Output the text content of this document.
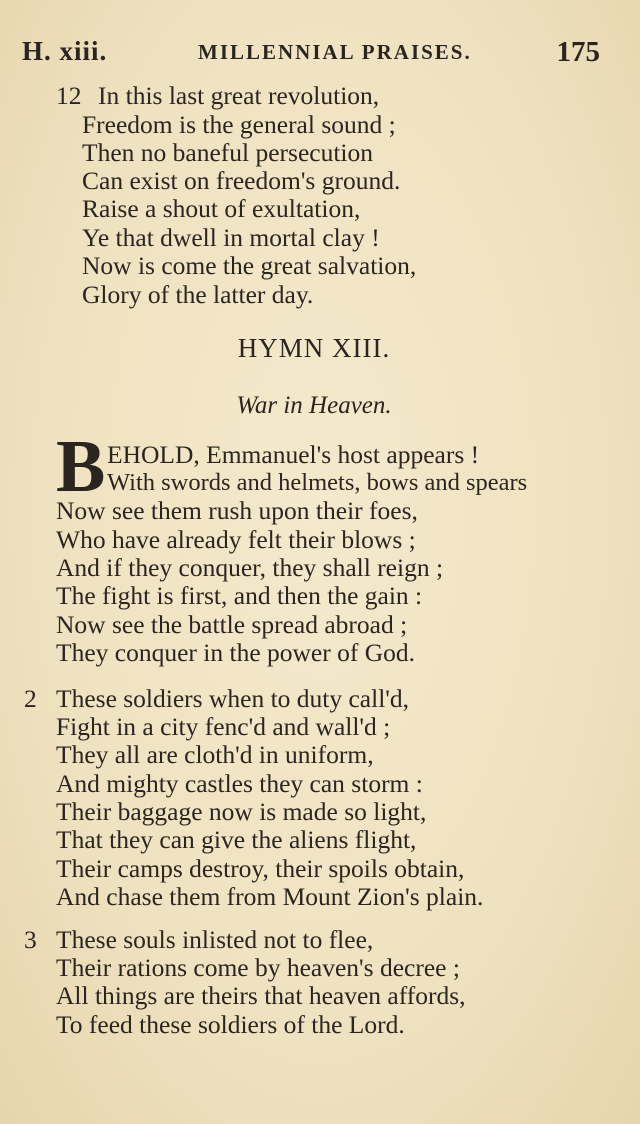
H. xiii.	MILLENNIAL PRAISES.	175
12 In this last great revolution,
Freedom is the general sound ;
Then no baneful persecution
Can exist on freedom's ground.
Raise a shout of exultation,
Ye that dwell in mortal clay !
Now is come the great salvation,
Glory of the latter day.
HYMN XIII.
War in Heaven.
B EHOLD, Emmanuel's host appears !
With swords and helmets, bows and spears
Now see them rush upon their foes,
Who have already felt their blows ;
And if they conquer, they shall reign ;
The fight is first, and then the gain :
Now see the battle spread abroad ;
They conquer in the power of God.
2 These soldiers when to duty call'd,
Fight in a city fenc'd and wall'd ;
They all are cloth'd in uniform,
And mighty castles they can storm :
Their baggage now is made so light,
That they can give the aliens flight,
Their camps destroy, their spoils obtain,
And chase them from Mount Zion's plain.
3 These souls inlisted not to flee,
Their rations come by heaven's decree ;
All things are theirs that heaven affords,
To feed these soldiers of the Lord.
